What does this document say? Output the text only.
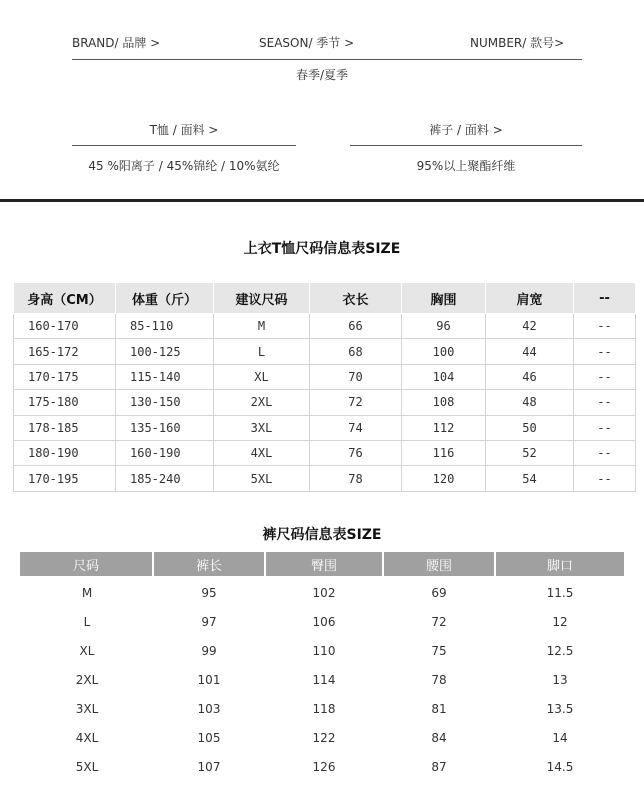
BRAND/ 品牌 >	SEASON/ 季节 >	NUMBER/ 款号>
春季/夏季
T恤 / 面料 >	裤子 / 面料 >
45 %阳离子 / 45%锦纶 / 10%氨纶	95%以上聚酯纤维
上衣T恤尺码信息表SIZE
身高（CM）	体重（斤）	建议尺码	衣长	胸围	肩宽	--
160-170	85-110	M	66	96	42	--
165-172	100-125	L	68	100	44	--
170-175	115-140	XL	70	104	46	--
175-180	130-150	2XL	72	108	48	--
178-185	135-160	3XL	74	112	50	--
180-190	160-190	4XL	76	116	52	--
170-195	185-240	5XL	78	120	54	--
裤尺码信息表SIZE
尺码	裤长	臀围	腰围	脚口
M	95	102	69	11.5
L	97	106	72	12
XL	99	110	75	12.5
2XL	101	114	78	13
3XL	103	118	81	13.5
4XL	105	122	84	14
5XL	107	126	87	14.5
